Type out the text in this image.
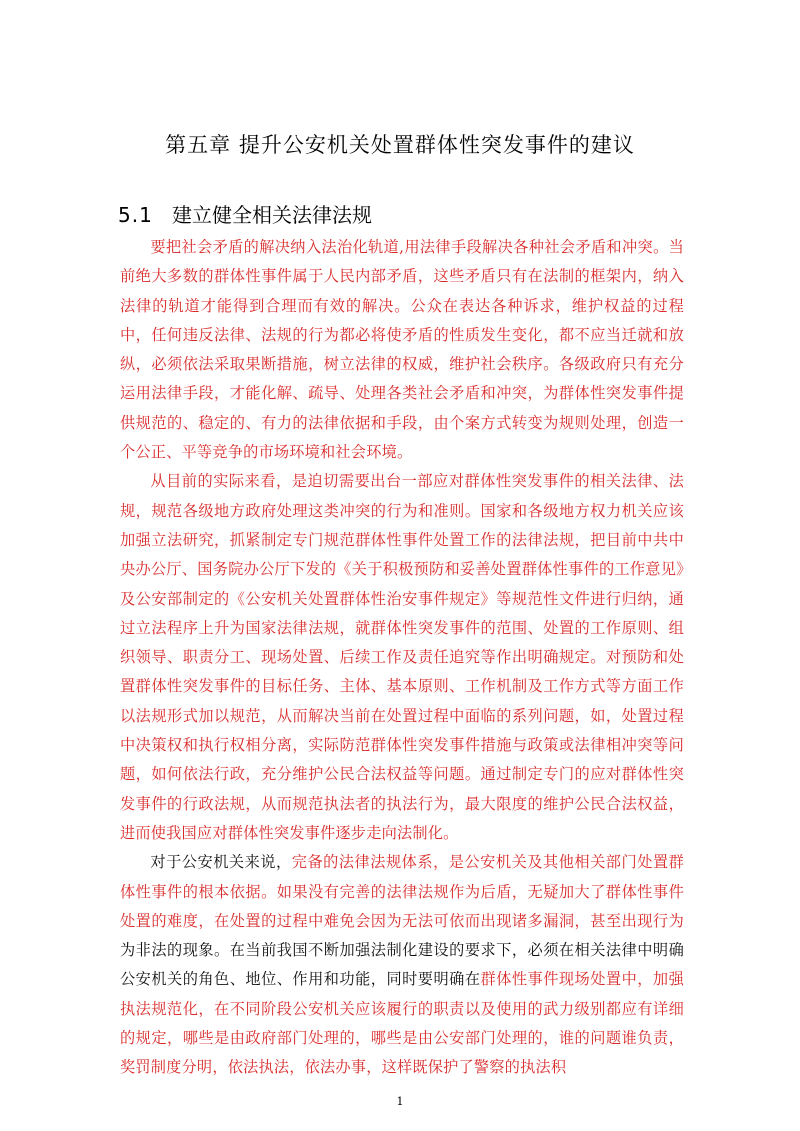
第五章 提升公安机关处置群体性突发事件的建议
5.1 建立健全相关法律法规

要把社会矛盾的解决纳入法治化轨道,用法律手段解决各种社会矛盾和冲突。当前绝大多数的群体性事件属于人民内部矛盾，这些矛盾只有在法制的框架内，纳入法律的轨道才能得到合理而有效的解决。公众在表达各种诉求，维护权益的过程中，任何违反法律、法规的行为都必将使矛盾的性质发生变化，都不应当迁就和放纵，必须依法采取果断措施，树立法律的权威，维护社会秩序。各级政府只有充分运用法律手段，才能化解、疏导、处理各类社会矛盾和冲突，为群体性突发事件提供规范的、稳定的、有力的法律依据和手段，由个案方式转变为规则处理，创造一个公正、平等竞争的市场环境和社会环境。

从目前的实际来看，是迫切需要出台一部应对群体性突发事件的相关法律、法规，规范各级地方政府处理这类冲突的行为和准则。国家和各级地方权力机关应该加强立法研究，抓紧制定专门规范群体性事件处置工作的法律法规，把目前中共中央办公厅、国务院办公厅下发的《关于积极预防和妥善处置群体性事件的工作意见》及公安部制定的《公安机关处置群体性治安事件规定》等规范性文件进行归纳，通过立法程序上升为国家法律法规，就群体性突发事件的范围、处置的工作原则、组织领导、职责分工、现场处置、后续工作及责任追究等作出明确规定。对预防和处置群体性突发事件的目标任务、主体、基本原则、工作机制及工作方式等方面工作以法规形式加以规范，从而解决当前在处置过程中面临的系列问题，如，处置过程中决策权和执行权相分离，实际防范群体性突发事件措施与政策或法律相冲突等问题，如何依法行政，充分维护公民合法权益等问题。通过制定专门的应对群体性突发事件的行政法规，从而规范执法者的执法行为，最大限度的维护公民合法权益，进而使我国应对群体性突发事件逐步走向法制化。

对于公安机关来说，完备的法律法规体系，是公安机关及其他相关部门处置群体性事件的根本依据。如果没有完善的法律法规作为后盾，无疑加大了群体性事件处置的难度，在处置的过程中难免会因为无法可依而出现诸多漏洞，甚至出现行为为非法的现象。在当前我国不断加强法制化建设的要求下，必须在相关法律中明确公安机关的角色、地位、作用和功能，同时要明确在群体性事件现场处置中，加强执法规范化，在不同阶段公安机关应该履行的职责以及使用的武力级别都应有详细的规定，哪些是由政府部门处理的，哪些是由公安部门处理的，谁的问题谁负责，奖罚制度分明，依法执法，依法办事，这样既保护了警察的执法积

1
